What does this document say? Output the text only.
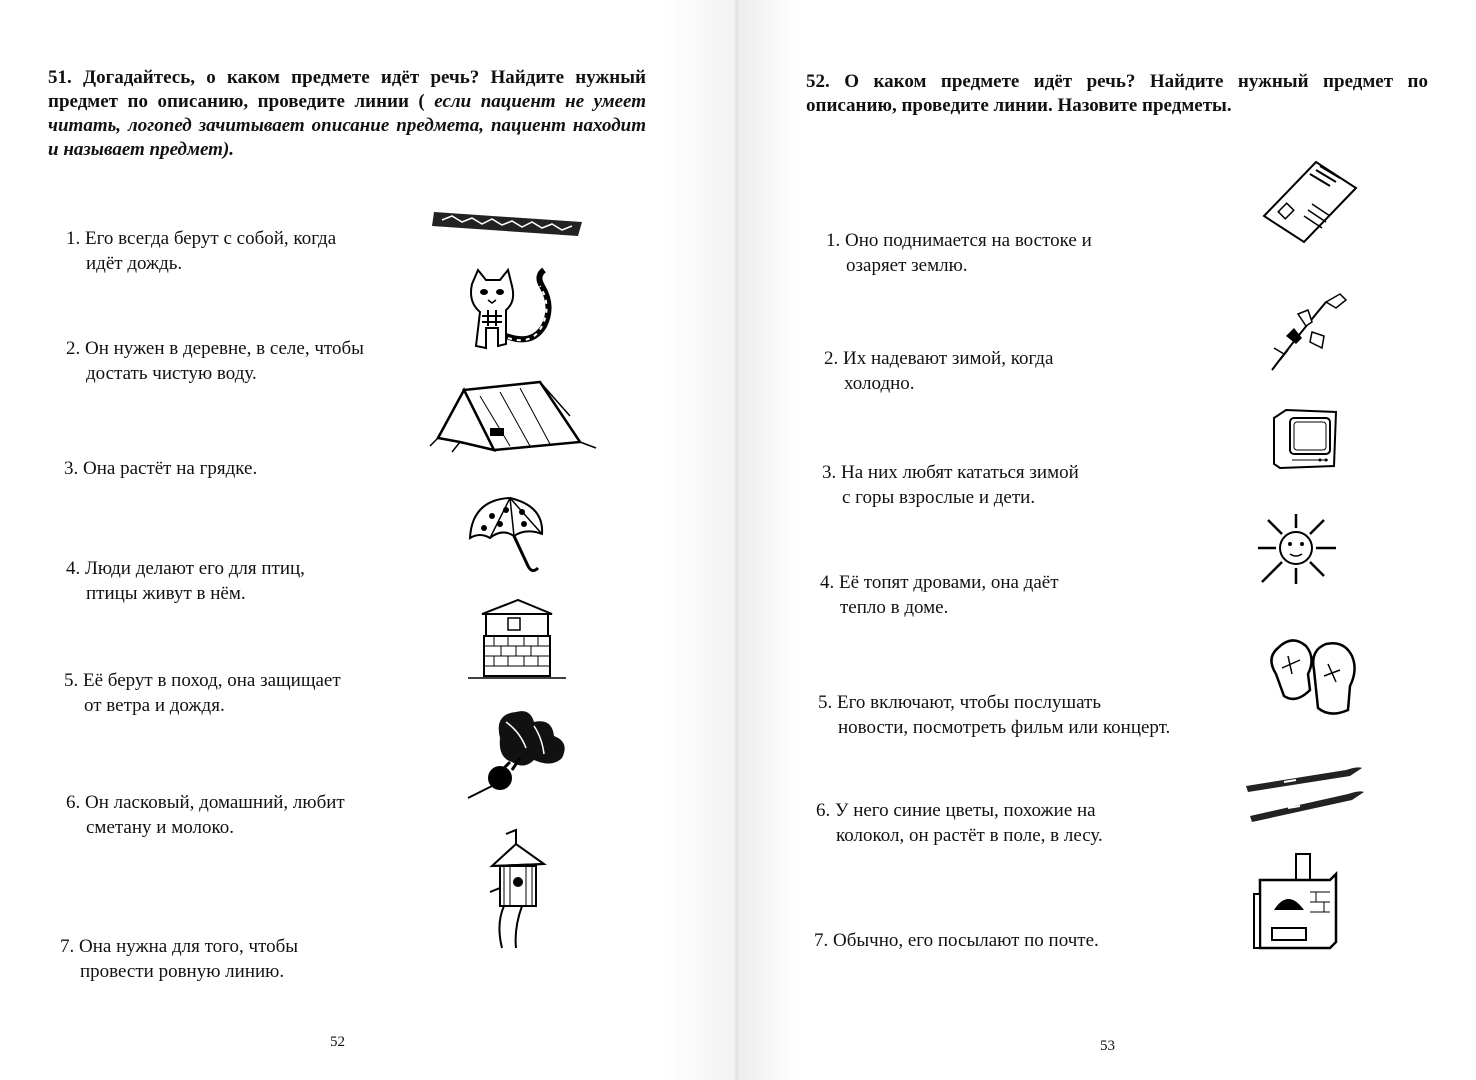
51. Догадайтесь, о каком предмете идёт речь? Найдите нужный предмет по описанию, проведите линии ( если пациент не умеет читать, логопед зачитывает описание предмета, пациент находит и называет предмет).
1. Его всегда берут с собой, когда
идёт дождь.
2. Он нужен в деревне, в селе, чтобы
достать чистую воду.
3. Она растёт на грядке.
4. Люди делают его для птиц,
птицы живут в нём.
5. Её берут в поход, она защищает
от ветра и дождя.
6. Он ласковый, домашний, любит
сметану и молоко.
7. Она нужна для того, чтобы
провести ровную линию.
52
52. О каком предмете идёт речь? Найдите нужный предмет по описанию, проведите линии. Назовите предметы.
1. Оно поднимается на востоке и
озаряет землю.
2. Их надевают зимой, когда
холодно.
3. На них любят кататься зимой
с горы взрослые и дети.
4. Её топят дровами, она даёт
тепло в доме.
5. Его включают, чтобы послушать
новости, посмотреть фильм или концерт.
6. У него синие цветы, похожие на
колокол, он растёт в поле, в лесу.
7. Обычно, его посылают по почте.
53
